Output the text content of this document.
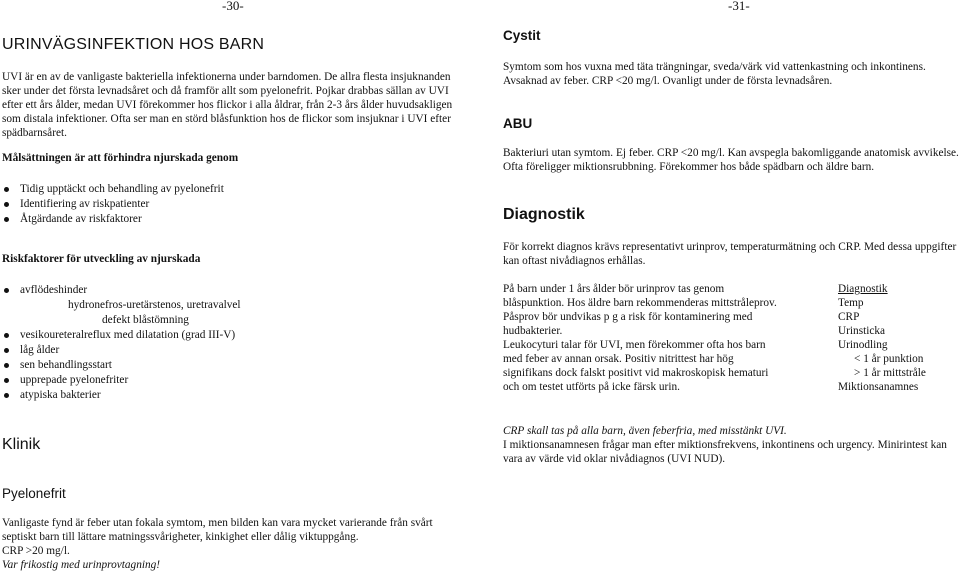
-30-
URINVÄGSINFEKTION HOS BARN

UVI är en av de vanligaste bakteriella infektionerna under barndomen. De allra flesta insjuknanden sker under det första levnadsåret och då framför allt som pyelonefrit. Pojkar drabbas sällan av UVI efter ett års ålder, medan UVI förekommer hos flickor i alla åldrar, från 2-3 års ålder huvudsakligen som distala infektioner. Ofta ser man en störd blåsfunktion hos de flickor som insjuknar i UVI efter spädbarnsåret.

Målsättningen är att förhindra njurskada genom
Tidig upptäckt och behandling av pyelonefrit
Identifiering av riskpatienter
Åtgärdande av riskfaktorer
Riskfaktorer för utveckling av njurskada
avflödeshinder
hydronefros-uretärstenos, uretravalvel
defekt blåstömning
vesikoureteralreflux med dilatation (grad III-V)
låg ålder
sen behandlingsstart
upprepade pyelonefriter
atypiska bakterier
Klinik
Pyelonefrit

Vanligaste fynd är feber utan fokala symtom, men bilden kan vara mycket varierande från svårt septiskt barn till lättare matningssvårigheter, kinkighet eller dålig viktuppgång.

CRP >20 mg/l.

Var frikostig med urinprovtagning!

-31-
Cystit

Symtom som hos vuxna med täta trängningar, sveda/värk vid vattenkastning och inkontinens. Avsaknad av feber. CRP <20 mg/l. Ovanligt under de första levnadsåren.

ABU

Bakteriuri utan symtom. Ej feber. CRP <20 mg/l. Kan avspegla bakomliggande anatomisk avvikelse. Ofta föreligger miktionsrubbning. Förekommer hos både spädbarn och äldre barn.

Diagnostik

För korrekt diagnos krävs representativt urinprov, temperaturmätning och CRP. Med dessa uppgifter kan oftast nivådiagnos erhållas.

På barn under 1 års ålder bör urinprov tas genom blåspunktion. Hos äldre barn rekommenderas mittstråleprov. Påsprov bör undvikas p g a risk för kontaminering med hudbakterier.

Leukocyturi talar för UVI, men förekommer ofta hos barn med feber av annan orsak. Positiv nitrittest har hög signifikans dock falskt positivt vid makroskopisk hematuri och om testet utförts på icke färsk urin.

Diagnostik
Temp
CRP
Urinsticka
Urinodling
< 1 år punktion
> 1 år mittstråle
Miktionsanamnes

CRP skall tas på alla barn, även feberfria, med misstänkt UVI.

I miktionsanamnesen frågar man efter miktionsfrekvens, inkontinens och urgency. Minirintest kan vara av värde vid oklar nivådiagnos (UVI NUD).
